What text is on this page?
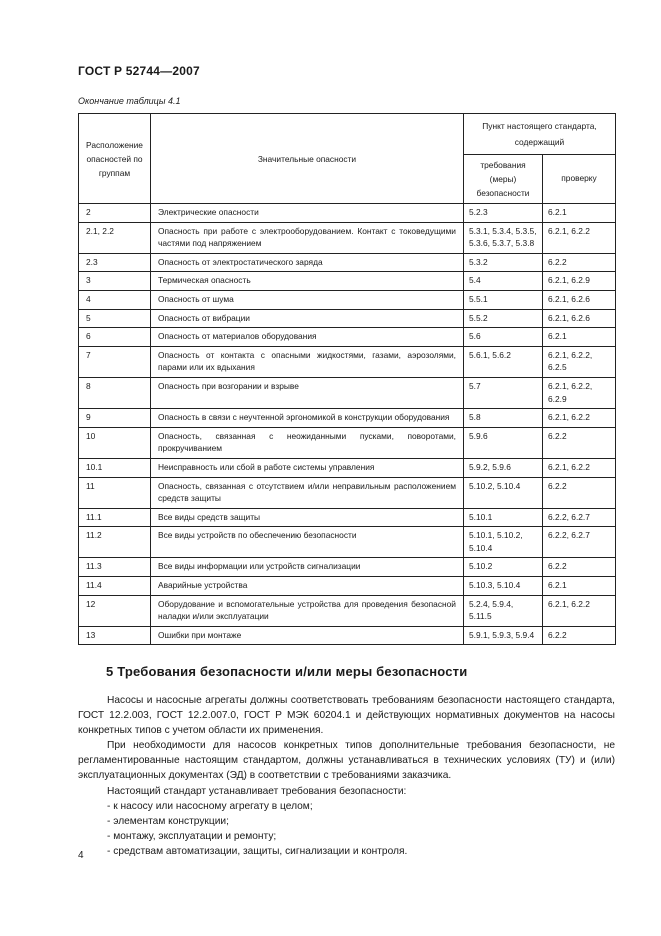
ГОСТ Р 52744—2007
Окончание таблицы 4.1
Расположение опасностей по группам	Значительные опасности	Пункт настоящего стандарта, содержащий	
		требования (меры) безопасности	проверку
2	Электрические опасности	5.2.3	6.2.1
2.1, 2.2	Опасность при работе с электрооборудованием. Контакт с токоведущими частями под напряжением	5.3.1, 5.3.4, 5.3.5, 5.3.6, 5.3.7, 5.3.8	6.2.1, 6.2.2
2.3	Опасность от электростатического заряда	5.3.2	6.2.2
3	Термическая опасность	5.4	6.2.1, 6.2.9
4	Опасность от шума	5.5.1	6.2.1, 6.2.6
5	Опасность от вибрации	5.5.2	6.2.1, 6.2.6
6	Опасность от материалов оборудования	5.6	6.2.1
7	Опасность от контакта с опасными жидкостями, газами, аэрозолями, парами или их вдыхания	5.6.1, 5.6.2	6.2.1, 6.2.2, 6.2.5
8	Опасность при возгорании и взрыве	5.7	6.2.1, 6.2.2, 6.2.9
9	Опасность в связи с неучтенной эргономикой в конструкции оборудования	5.8	6.2.1, 6.2.2
10	Опасность, связанная с неожиданными пусками, поворотами, прокручиванием	5.9.6	6.2.2
10.1	Неисправность или сбой в работе системы управления	5.9.2, 5.9.6	6.2.1, 6.2.2
11	Опасность, связанная с отсутствием и/или неправильным расположением средств защиты	5.10.2, 5.10.4	6.2.2
11.1	Все виды средств защиты	5.10.1	6.2.2, 6.2.7
11.2	Все виды устройств по обеспечению безопасности	5.10.1, 5.10.2, 5.10.4	6.2.2, 6.2.7
11.3	Все виды информации или устройств сигнализации	5.10.2	6.2.2
11.4	Аварийные устройства	5.10.3, 5.10.4	6.2.1
12	Оборудование и вспомогательные устройства для проведения безопасной наладки и/или эксплуатации	5.2.4, 5.9.4, 5.11.5	6.2.1, 6.2.2
13	Ошибки при монтаже	5.9.1, 5.9.3, 5.9.4	6.2.2
5 Требования безопасности и/или меры безопасности

Насосы и насосные агрегаты должны соответствовать требованиям безопасности настоящего стандарта, ГОСТ 12.2.003, ГОСТ 12.2.007.0, ГОСТ Р МЭК 60204.1 и действующих нормативных документов на насосы конкретных типов с учетом области их применения.

При необходимости для насосов конкретных типов дополнительные требования безопасности, не регламентированные настоящим стандартом, должны устанавливаться в технических условиях (ТУ) и (или) эксплуатационных документах (ЭД) в соответствии с требованиями заказчика.

Настоящий стандарт устанавливает требования безопасности:

- к насосу или насосному агрегату в целом;

- элементам конструкции;

- монтажу, эксплуатации и ремонту;

- средствам автоматизации, защиты, сигнализации и контроля.

4
